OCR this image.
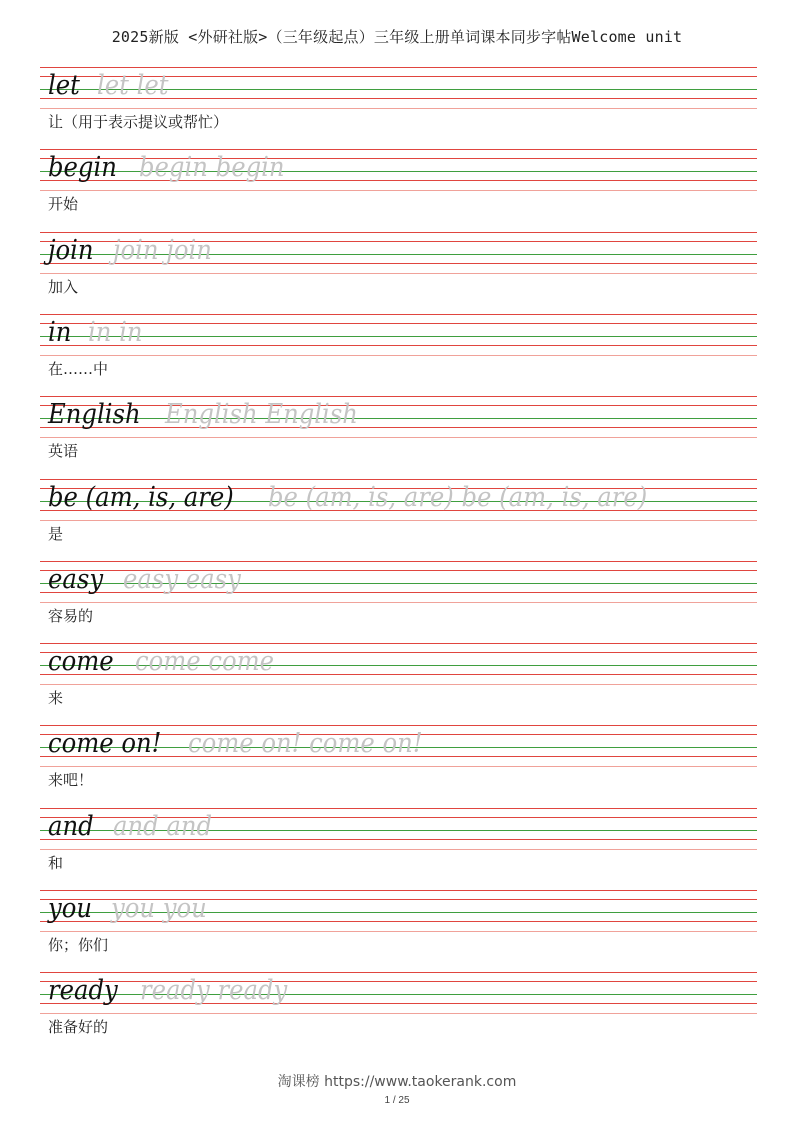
2025新版 <外研社版>（三年级起点）三年级上册单词课本同步字帖Welcome unit
let let let
让（用于表示提议或帮忙）
begin begin begin
开始
join join join
加入
in in in
在……中
English English English
英语
be (am, is, are) be (am, is, are) be (am, is, are)
是
easy easy easy
容易的
come come come
来
come on! come on! come on!
来吧！
and and and
和
you you you
你；你们
ready ready ready
准备好的
淘课榜 https://www.taokerank.com
1 / 25
